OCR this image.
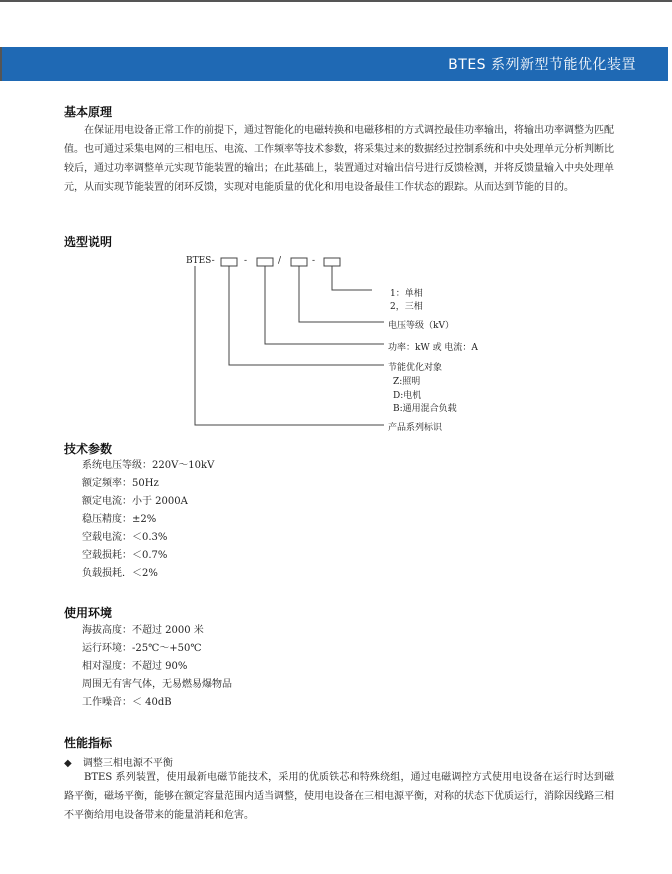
BTES 系列新型节能优化装置
基本原理
在保证用电设备正常工作的前提下，通过智能化的电磁转换和电磁移相的方式调控最佳功率输出，将输出功率调整为匹配值。也可通过采集电网的三相电压、电流、工作频率等技术参数，将采集过来的数据经过控制系统和中央处理单元分析判断比较后，通过功率调整单元实现节能装置的输出；在此基础上，装置通过对输出信号进行反馈检测，并将反馈量输入中央处理单元，从而实现节能装置的闭环反馈，实现对电能质量的优化和用电设备最佳工作状态的跟踪。从而达到节能的目的。
选型说明
BTES-	-	/	-
1：单相
2，三相
电压等级（kV）
功率：kW 或 电流：A
节能优化对象
Z:照明
D:电机
B:通用混合负载
产品系列标识
技术参数
系统电压等级：220V～10kV
额定频率：50Hz
额定电流：小于 2000A
稳压精度：±2%
空载电流：＜0.3%
空载损耗：＜0.7%
负载损耗．＜2%
使用环境
海拔高度：不超过 2000 米
运行环境：-25℃～+50℃
相对湿度：不超过 90%
周围无有害气体，无易燃易爆物品
工作噪音：＜ 40dB
性能指标
◆ 调整三相电源不平衡
BTES 系列装置，使用最新电磁节能技术，采用的优质铁芯和特殊绕组，通过电磁调控方式使用电设备在运行时达到磁路平衡，磁场平衡，能够在额定容量范围内适当调整，使用电设备在三相电源平衡，对称的状态下优质运行，消除因线路三相不平衡给用电设备带来的能量消耗和危害。
